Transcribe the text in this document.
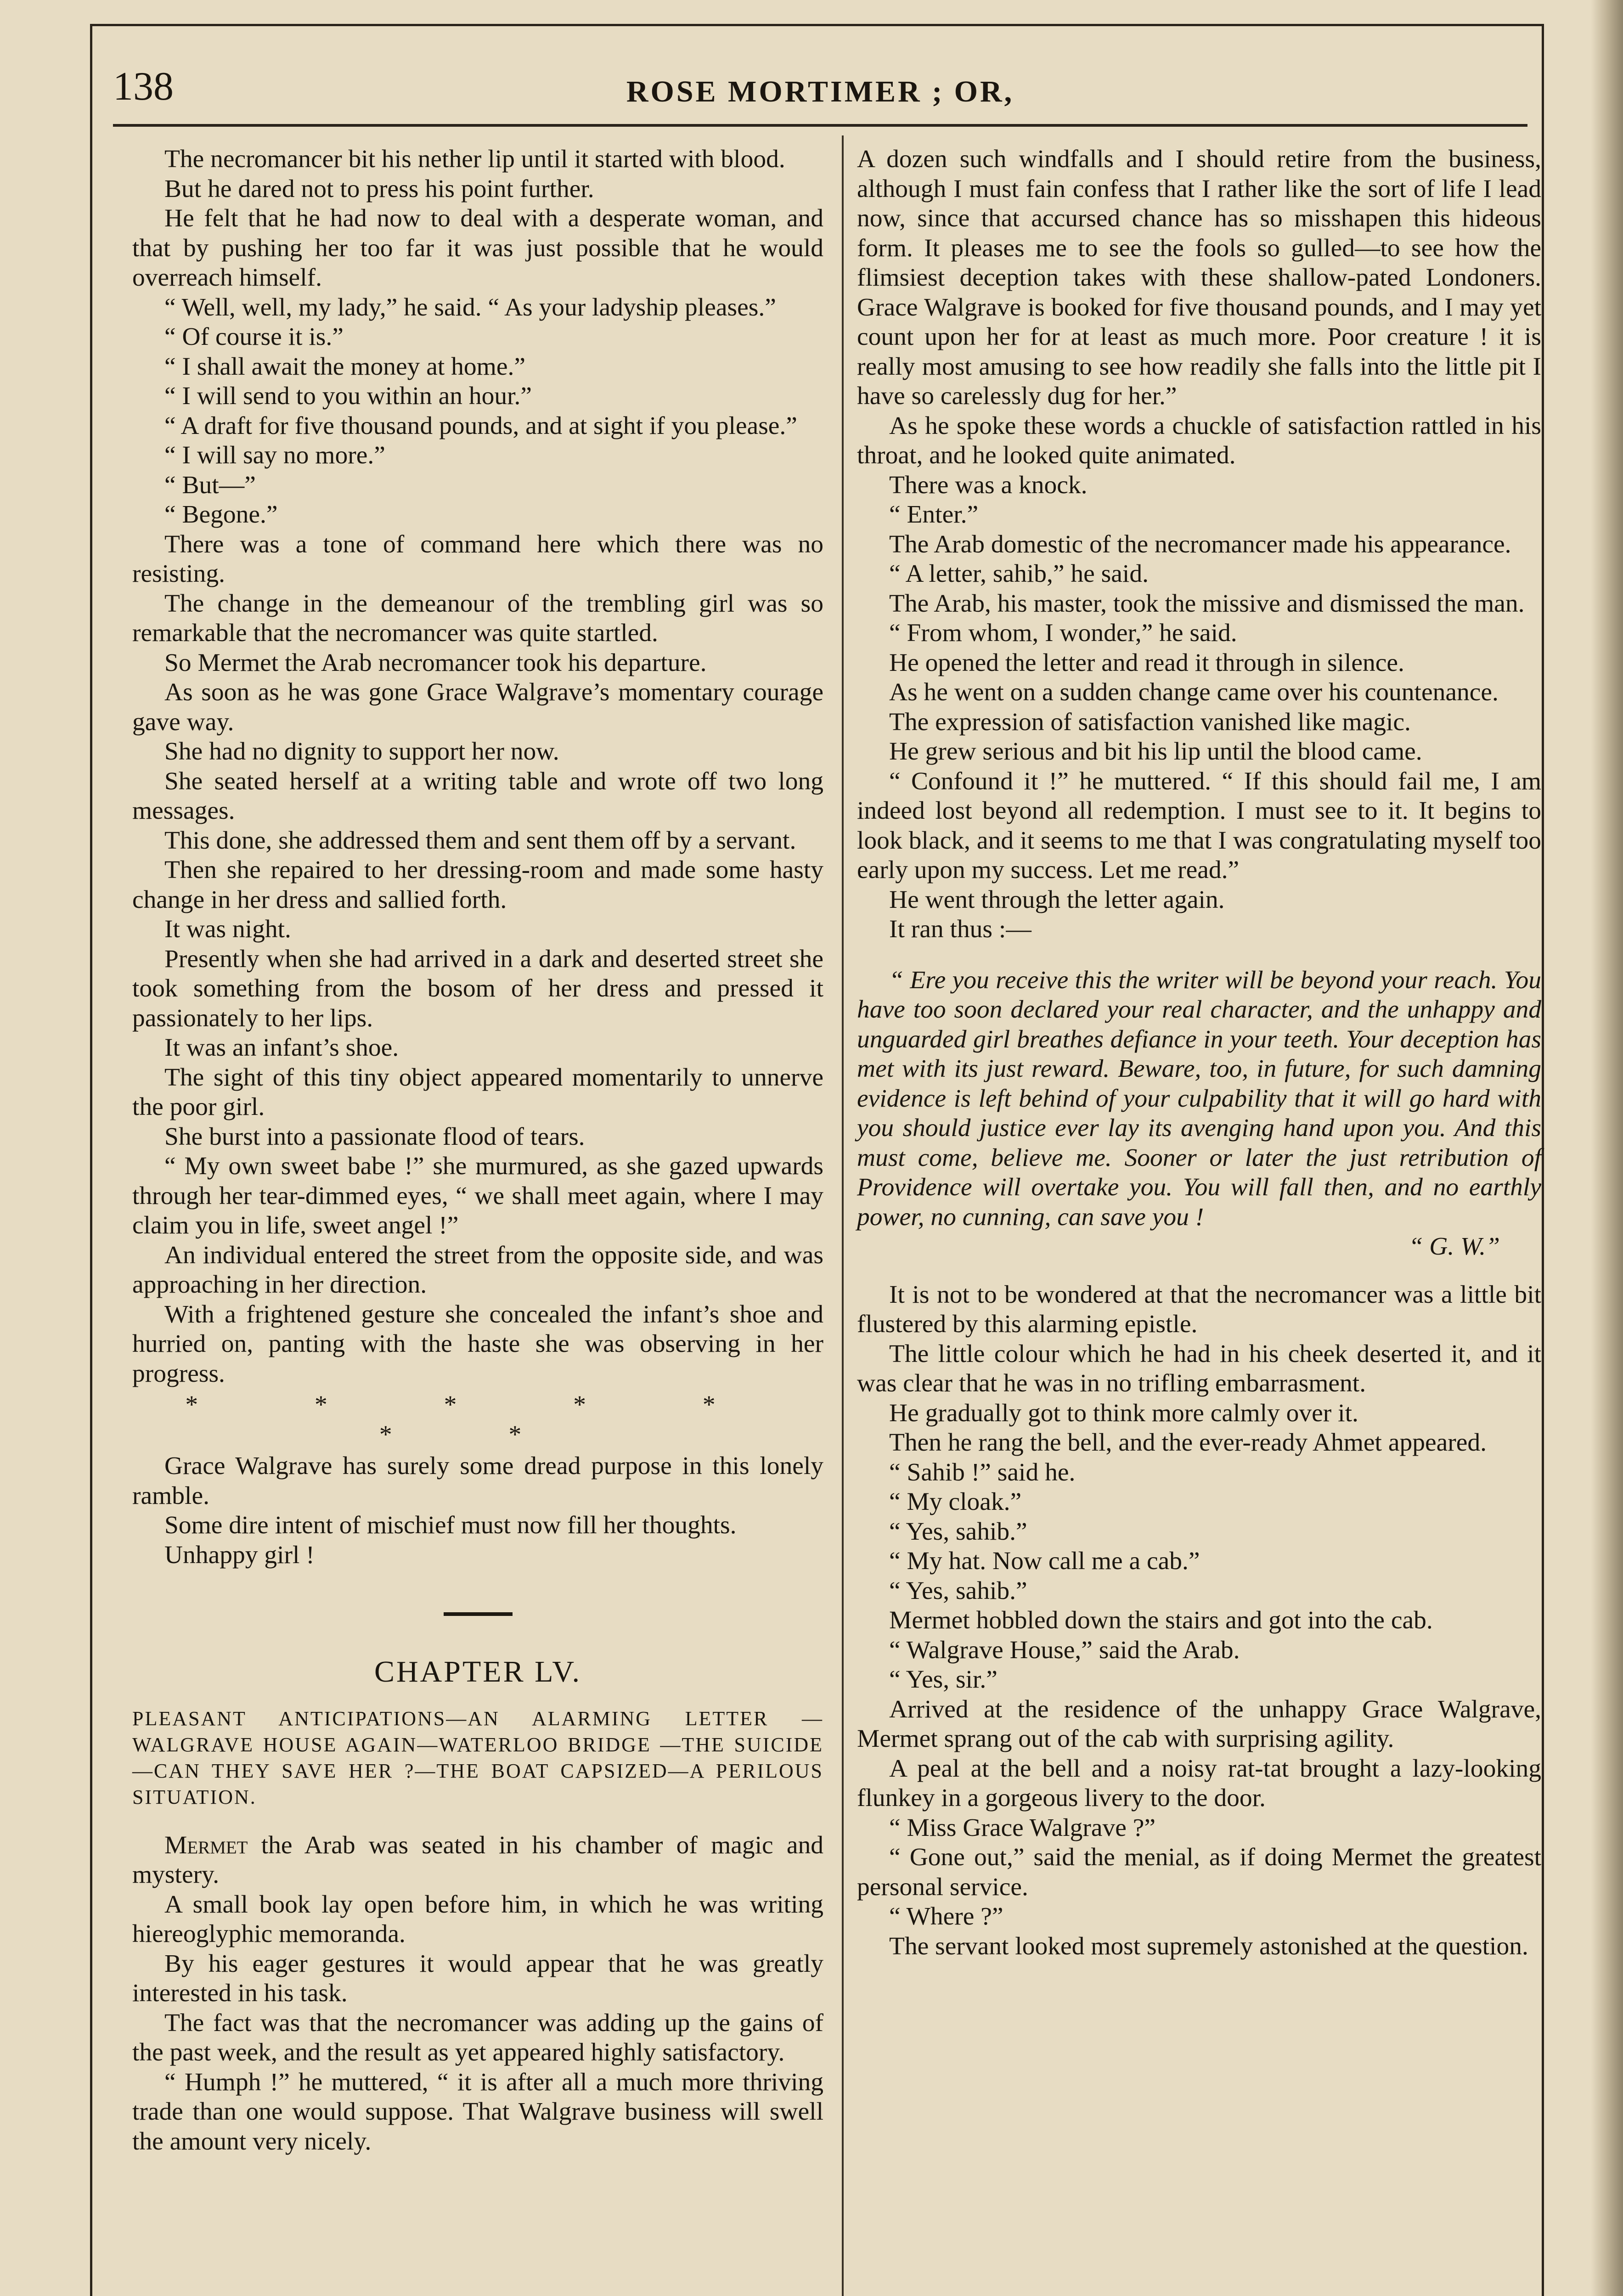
138	ROSE MORTIMER ; OR,

The necromancer bit his nether lip until it started with blood.

But he dared not to press his point further.

He felt that he had now to deal with a desperate woman, and that by pushing her too far it was just possible that he would overreach himself.

“ Well, well, my lady,” he said. “ As your ladyship pleases.”

“ Of course it is.”

“ I shall await the money at home.”

“ I will send to you within an hour.”

“ A draft for five thousand pounds, and at sight if you please.”

“ I will say no more.”

“ But—”

“ Begone.”

There was a tone of command here which there was no resisting.

The change in the demeanour of the trembling girl was so remarkable that the necromancer was quite startled.

So Mermet the Arab necromancer took his departure.

As soon as he was gone Grace Walgrave’s momentary courage gave way.

She had no dignity to support her now.

She seated herself at a writing table and wrote off two long messages.

This done, she addressed them and sent them off by a servant.

Then she repaired to her dressing-room and made some hasty change in her dress and sallied forth.

It was night.

Presently when she had arrived in a dark and deserted street she took something from the bosom of her dress and pressed it passionately to her lips.

It was an infant’s shoe.

The sight of this tiny object appeared momentarily to unnerve the poor girl.

She burst into a passionate flood of tears.

“ My own sweet babe !” she murmured, as she gazed upwards through her tear-dimmed eyes, “ we shall meet again, where I may claim you in life, sweet angel !”

An individual entered the street from the opposite side, and was approaching in her direction.

With a frightened gesture she concealed the infant’s shoe and hurried on, panting with the haste she was observing in her progress.

* * * * * * *

Grace Walgrave has surely some dread purpose in this lonely ramble.

Some dire intent of mischief must now fill her thoughts.

Unhappy girl !

CHAPTER LV.
PLEASANT ANTICIPATIONS—AN ALARMING LETTER —WALGRAVE HOUSE AGAIN—WATERLOO BRIDGE —THE SUICIDE—CAN THEY SAVE HER ?—THE BOAT CAPSIZED—A PERILOUS SITUATION.

Mermet the Arab was seated in his chamber of magic and mystery.

A small book lay open before him, in which he was writing hiereoglyphic memoranda.

By his eager gestures it would appear that he was greatly interested in his task.

The fact was that the necromancer was adding up the gains of the past week, and the result as yet appeared highly satisfactory.

“ Humph !” he muttered, “ it is after all a much more thriving trade than one would suppose. That Walgrave business will swell the amount very nicely.

A dozen such windfalls and I should retire from the business, although I must fain confess that I rather like the sort of life I lead now, since that accursed chance has so misshapen this hideous form. It pleases me to see the fools so gulled—to see how the flimsiest deception takes with these shallow-pated Londoners. Grace Walgrave is booked for five thousand pounds, and I may yet count upon her for at least as much more. Poor creature ! it is really most amusing to see how readily she falls into the little pit I have so carelessly dug for her.”

As he spoke these words a chuckle of satisfaction rattled in his throat, and he looked quite animated.

There was a knock.

“ Enter.”

The Arab domestic of the necromancer made his appearance.

“ A letter, sahib,” he said.

The Arab, his master, took the missive and dismissed the man.

“ From whom, I wonder,” he said.

He opened the letter and read it through in silence.

As he went on a sudden change came over his countenance.

The expression of satisfaction vanished like magic.

He grew serious and bit his lip until the blood came.

“ Confound it !” he muttered. “ If this should fail me, I am indeed lost beyond all redemption. I must see to it. It begins to look black, and it seems to me that I was congratulating myself too early upon my success. Let me read.”

He went through the letter again.

It ran thus :—

“ Ere you receive this the writer will be beyond your reach. You have too soon declared your real character, and the unhappy and unguarded girl breathes defiance in your teeth. Your deception has met with its just reward. Beware, too, in future, for such damning evidence is left behind of your culpability that it will go hard with you should justice ever lay its avenging hand upon you. And this must come, believe me. Sooner or later the just retribution of Providence will overtake you. You will fall then, and no earthly power, no cunning, can save you !

“ G. W.”

It is not to be wondered at that the necromancer was a little bit flustered by this alarming epistle.

The little colour which he had in his cheek deserted it, and it was clear that he was in no trifling embarrasment.

He gradually got to think more calmly over it.

Then he rang the bell, and the ever-ready Ahmet appeared.

“ Sahib !” said he.

“ My cloak.”

“ Yes, sahib.”

“ My hat. Now call me a cab.”

“ Yes, sahib.”

Mermet hobbled down the stairs and got into the cab.

“ Walgrave House,” said the Arab.

“ Yes, sir.”

Arrived at the residence of the unhappy Grace Walgrave, Mermet sprang out of the cab with surprising agility.

A peal at the bell and a noisy rat-tat brought a lazy-looking flunkey in a gorgeous livery to the door.

“ Miss Grace Walgrave ?”

“ Gone out,” said the menial, as if doing Mermet the greatest personal service.

“ Where ?”

The servant looked most supremely astonished at the question.
